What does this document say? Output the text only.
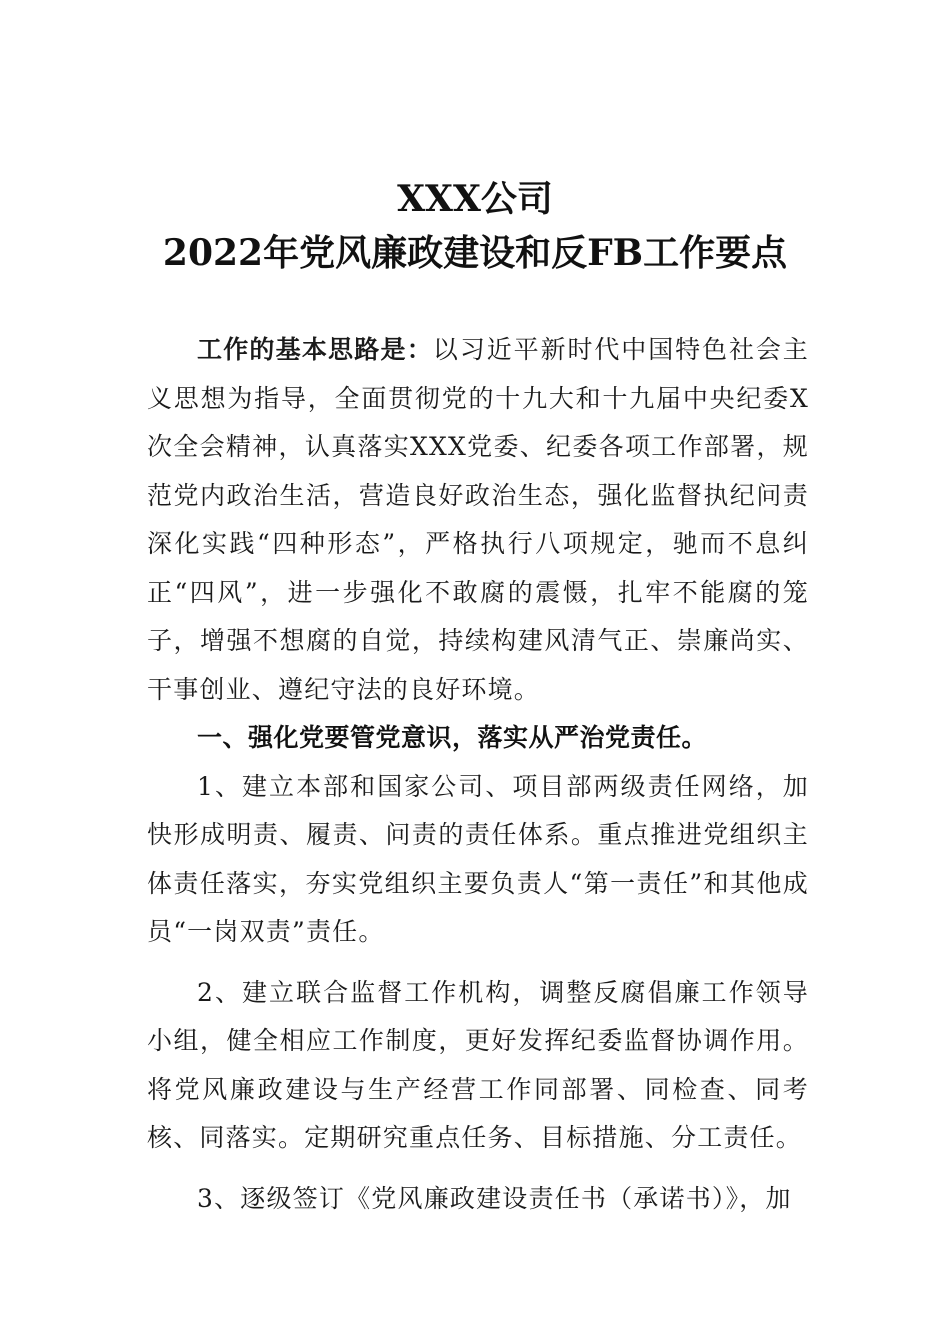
XXX公司
2022年党风廉政建设和反FB工作要点

工作的基本思路是：以习近平新时代中国特色社会主义思想为指导，全面贯彻党的十九大和十九届中央纪委X次全会精神，认真落实XXX党委、纪委各项工作部署，规范党内政治生活，营造良好政治生态，强化监督执纪问责深化实践“四种形态”，严格执行八项规定，驰而不息纠正“四风”，进一步强化不敢腐的震慑，扎牢不能腐的笼子，增强不想腐的自觉，持续构建风清气正、崇廉尚实、干事创业、遵纪守法的良好环境。

一、强化党要管党意识，落实从严治党责任。

1、建立本部和国家公司、项目部两级责任网络，加快形成明责、履责、问责的责任体系。重点推进党组织主体责任落实，夯实党组织主要负责人“第一责任”和其他成员“一岗双责”责任。

2、建立联合监督工作机构，调整反腐倡廉工作领导小组，健全相应工作制度，更好发挥纪委监督协调作用。将党风廉政建设与生产经营工作同部署、同检查、同考核、同落实。定期研究重点任务、目标措施、分工责任。

3、逐级签订《党风廉政建设责任书（承诺书）》，加
